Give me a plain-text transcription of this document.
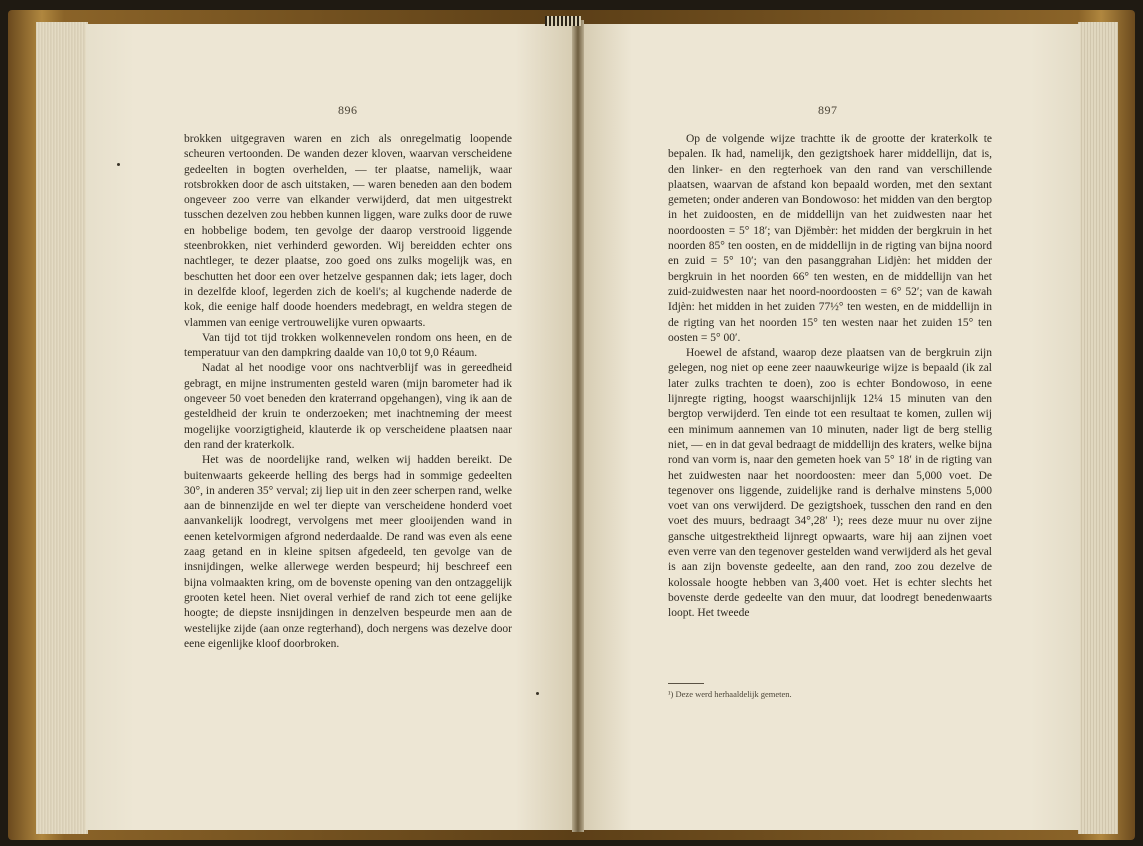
896	897

brokken uitgegraven waren en zich als onregelmatig loopende scheuren vertoonden. De wanden dezer kloven, waarvan verscheidene gedeelten in bogten overhelden, — ter plaatse, namelijk, waar rotsbrokken door de asch uitstaken, — waren beneden aan den bodem ongeveer zoo verre van elkander verwijderd, dat men uitgestrekt tusschen dezelven zou hebben kunnen liggen, ware zulks door de ruwe en hobbelige bodem, ten gevolge der daarop verstrooid liggende steenbrokken, niet verhinderd geworden. Wij bereidden echter ons nachtleger, te dezer plaatse, zoo goed ons zulks mogelijk was, en beschutten het door een over hetzelve gespannen dak; iets lager, doch in dezelfde kloof, legerden zich de koeli's; al kugchende naderde de kok, die eenige half doode hoenders medebragt, en weldra stegen de vlammen van eenige vertrouwelijke vuren opwaarts.

Van tijd tot tijd trokken wolkennevelen rondom ons heen, en de temperatuur van den dampkring daalde van 10,0 tot 9,0 Réaum.

Nadat al het noodige voor ons nachtverblijf was in gereedheid gebragt, en mijne instrumenten gesteld waren (mijn barometer had ik ongeveer 50 voet beneden den kraterrand opgehangen), ving ik aan de gesteldheid der kruin te onderzoeken; met inachtneming der meest mogelijke voorzigtigheid, klauterde ik op verscheidene plaatsen naar den rand der kraterkolk.

Het was de noordelijke rand, welken wij hadden bereikt. De buitenwaarts gekeerde helling des bergs had in sommige gedeelten 30°, in anderen 35° verval; zij liep uit in den zeer scherpen rand, welke aan de binnenzijde en wel ter diepte van verscheidene honderd voet aanvankelijk loodregt, vervolgens met meer glooijenden wand in eenen ketelvormigen afgrond nederdaalde. De rand was even als eene zaag getand en in kleine spitsen afgedeeld, ten gevolge van de insnijdingen, welke allerwege werden bespeurd; hij beschreef een bijna volmaakten kring, om de bovenste opening van den ontzaggelijk grooten ketel heen. Niet overal verhief de rand zich tot eene gelijke hoogte; de diepste insnijdingen in denzelven bespeurde men aan de westelijke zijde (aan onze regterhand), doch nergens was dezelve door eene eigenlijke kloof doorbroken.

Op de volgende wijze trachtte ik de grootte der kraterkolk te bepalen. Ik had, namelijk, den gezigtshoek harer middellijn, dat is, den linker- en den regterhoek van den rand van verschillende plaatsen, waarvan de afstand kon bepaald worden, met den sextant gemeten; onder anderen van Bondowoso: het midden van den bergtop in het zuidoosten, en de middellijn van het zuidwesten naar het noordoosten = 5° 18′; van Djëmbèr: het midden der bergkruin in het noorden 85° ten oosten, en de middellijn in de rigting van bijna noord en zuid = 5° 10′; van den pasanggrahan Lidjèn: het midden der bergkruin in het noorden 66° ten westen, en de middellijn van het zuid-zuidwesten naar het noord-noordoosten = 6° 52′; van de kawah Idjèn: het midden in het zuiden 77½° ten westen, en de middellijn in de rigting van het noorden 15° ten westen naar het zuiden 15° ten oosten = 5° 00′.

Hoewel de afstand, waarop deze plaatsen van de bergkruin zijn gelegen, nog niet op eene zeer naauwkeurige wijze is bepaald (ik zal later zulks trachten te doen), zoo is echter Bondowoso, in eene lijnregte rigting, hoogst waarschijnlijk 12¼ 15 minuten van den bergtop verwijderd. Ten einde tot een resultaat te komen, zullen wij een minimum aannemen van 10 minuten, nader ligt de berg stellig niet, — en in dat geval bedraagt de middellijn des kraters, welke bijna rond van vorm is, naar den gemeten hoek van 5° 18′ in de rigting van het zuidwesten naar het noordoosten: meer dan 5,000 voet. De tegenover ons liggende, zuidelijke rand is derhalve minstens 5,000 voet van ons verwijderd. De gezigtshoek, tusschen den rand en den voet des muurs, bedraagt 34°,28′ ¹); rees deze muur nu over zijne gansche uitgestrektheid lijnregt opwaarts, ware hij aan zijnen voet even verre van den tegenover gestelden wand verwijderd als het geval is aan zijn bovenste gedeelte, aan den rand, zoo zou dezelve de kolossale hoogte hebben van 3,400 voet. Het is echter slechts het bovenste derde gedeelte van den muur, dat loodregt benedenwaarts loopt. Het tweede

¹) Deze werd herhaaldelijk gemeten.
